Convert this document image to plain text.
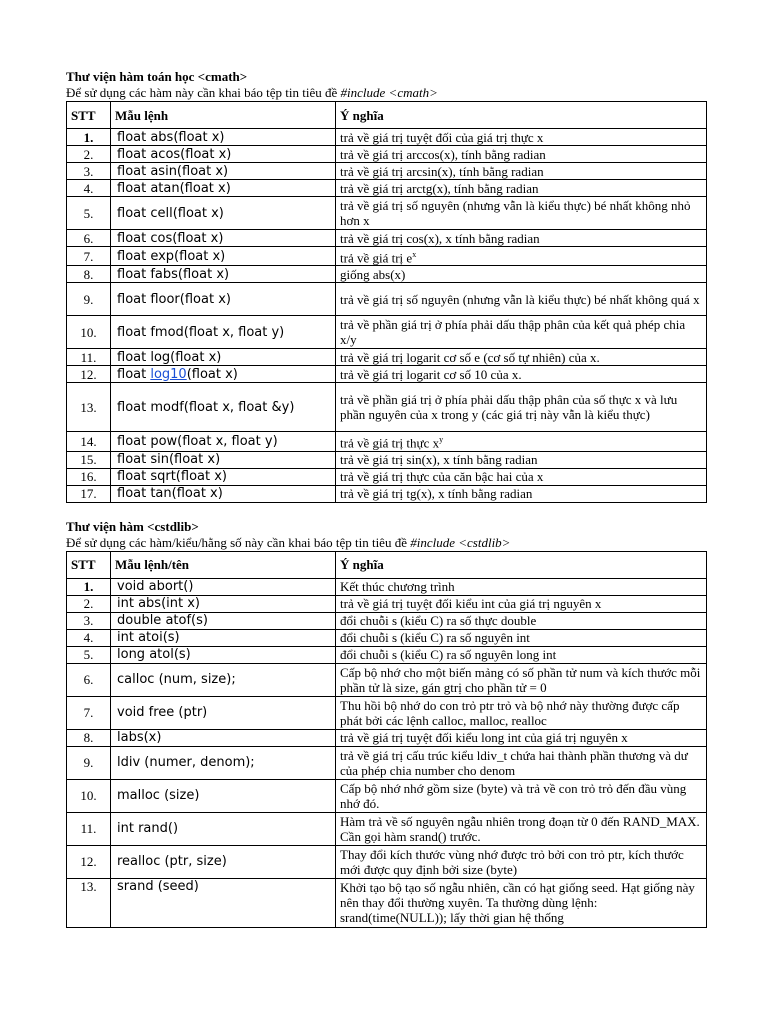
Thư viện hàm toán học <cmath>
Để sử dụng các hàm này cần khai báo tệp tin tiêu đề #include <cmath>
STT	Mẫu lệnh	Ý nghĩa
1.	float abs(float x)	trả về giá trị tuyệt đối của giá trị thực x
2.	float acos(float x)	trả về giá trị arccos(x), tính bằng radian
3.	float asin(float x)	trả về giá trị arcsin(x), tính bằng radian
4.	float atan(float x)	trả về giá trị arctg(x), tính bằng radian
5.	float cell(float x)	trả về giá trị số nguyên (nhưng vẫn là kiểu thực) bé nhất không nhỏ hơn x
6.	float cos(float x)	trả về giá trị cos(x), x tính bằng radian
7.	float exp(float x)	trả về giá trị $e^x$
8.	float fabs(float x)	giống abs(x)
9.	float floor(float x)	trả về giá trị số nguyên (nhưng vẫn là kiểu thực) bé nhất không quá x
10.	float fmod(float x, float y)	trả về phần giá trị ở phía phải dấu thập phân của kết quả phép chia x/y
11.	float log(float x)	trả về giá trị logarit cơ số e (cơ số tự nhiên) của x.
12.	float log10(float x)	trả về giá trị logarit cơ số 10 của x.
13.	float modf(float x, float &y)	trả về phần giá trị ở phía phải dấu thập phân của số thực x và lưu phần nguyên của x trong y (các giá trị này vẫn là kiểu thực)
14.	float pow(float x, float y)	trả về giá trị thực $x^y$
15.	float sin(float x)	trả về giá trị sin(x), x tính bằng radian
16.	float sqrt(float x)	trả về giá trị thực của căn bậc hai của x
17.	float tan(float x)	trả về giá trị tg(x), x tính bằng radian
Thư viện hàm <cstdlib>
Để sử dụng các hàm/kiểu/hằng số này cần khai báo tệp tin tiêu đề #include <cstdlib>
STT	Mẫu lệnh/tên	Ý nghĩa
1.	void abort()	Kết thúc chương trình
2.	int abs(int x)	trả về giá trị tuyệt đối kiểu int của giá trị nguyên x
3.	double atof(s)	đổi chuỗi s (kiểu C) ra số thực double
4.	int atoi(s)	đổi chuỗi s (kiểu C) ra số nguyên int
5.	long atol(s)	đổi chuỗi s (kiểu C) ra số nguyên long int
6.	calloc (num, size);	Cấp bộ nhớ cho một biến mảng có số phần tử num và kích thước mỗi phần tử là size, gán gtrị cho phần tử = 0
7.	void free (ptr)	Thu hồi bộ nhớ do con trỏ ptr trỏ và bộ nhớ này thường được cấp phát bởi các lệnh calloc, malloc, realloc
8.	labs(x)	trả về giá trị tuyệt đối kiểu long int của giá trị nguyên x
9.	ldiv (numer, denom);	trả về giá trị cấu trúc kiểu ldiv_t chứa hai thành phần thương và dư của phép chia number cho denom
10.	malloc (size)	Cấp bộ nhớ nhớ gồm size (byte) và trả về con trỏ trỏ đến đầu vùng nhớ đó.
11.	int rand()	Hàm trả về số nguyên ngẫu nhiên trong đoạn từ 0 đến RAND_MAX. Cần gọi hàm srand() trước.
12.	realloc (ptr, size)	Thay đổi kích thước vùng nhớ được trỏ bởi con trỏ ptr, kích thước mới được quy định bởi size (byte)
13.	srand (seed)	Khởi tạo bộ tạo số ngẫu nhiên, cần có hạt giống seed. Hạt giống này nên thay đổi thường xuyên. Ta thường dùng lệnh: srand(time(NULL)); lấy thời gian hệ thống
